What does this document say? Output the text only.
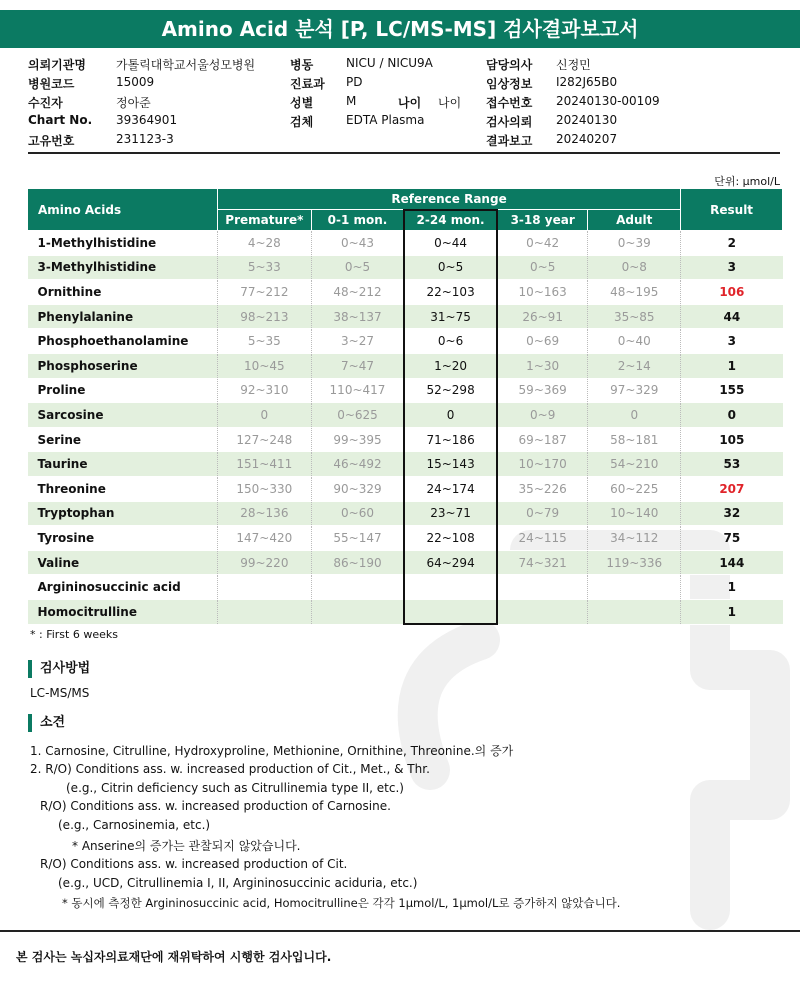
Amino Acid 분석 [P, LC/MS-MS] 검사결과보고서
의뢰기관명	가톨릭대학교서울성모병원	병동	NICU / NICU9A	담당의사 신정민
병원코드	15009	진료과 PD	임상정보 I282J65B0
수진자	정아준	성별	M	나이 나이 접수번호 20240130-00109
Chart No. 39364901	검체	EDTA Plasma	검사의뢰 20240130
고유번호	231123-3	결과보고 20240207
단위: μmol/L
Amino Acids	Reference Range					Result
	Premature*	0-1 mon.	2-24 mon.	3-18 year	Adult	
1-Methylhistidine	4~28	0~43	0~44	0~42	0~39	2
3-Methylhistidine	5~33	0~5	0~5	0~5	0~8	3
Ornithine	77~212	48~212	22~103	10~163	48~195	106
Phenylalanine	98~213	38~137	31~75	26~91	35~85	44
Phosphoethanolamine	5~35	3~27	0~6	0~69	0~40	3
Phosphoserine	10~45	7~47	1~20	1~30	2~14	1
Proline	92~310	110~417	52~298	59~369	97~329	155
Sarcosine	0	0~625	0	0~9	0	0
Serine	127~248	99~395	71~186	69~187	58~181	105
Taurine	151~411	46~492	15~143	10~170	54~210	53
Threonine	150~330	90~329	24~174	35~226	60~225	207
Tryptophan	28~136	0~60	23~71	0~79	10~140	32
Tyrosine	147~420	55~147	22~108	24~115	34~112	75
Valine	99~220	86~190	64~294	74~321	119~336	144
Argininosuccinic acid						1
Homocitrulline						1
* : First 6 weeks
검사방법
LC-MS/MS
소견
1. Carnosine, Citrulline, Hydroxyproline, Methionine, Ornithine, Threonine.의 증가
2. R/O) Conditions ass. w. increased production of Cit., Met., & Thr.
(e.g., Citrin deficiency such as Citrullinemia type II, etc.)
R/O) Conditions ass. w. increased production of Carnosine.
(e.g., Carnosinemia, etc.)
* Anserine의 증가는 관찰되지 않았습니다.
R/O) Conditions ass. w. increased production of Cit.
(e.g., UCD, Citrullinemia I, II, Argininosuccinic aciduria, etc.)
* 동시에 측정한 Argininosuccinic acid, Homocitrulline은 각각 1μmol/L, 1μmol/L로 증가하지 않았습니다.
본 검사는 녹십자의료재단에 재위탁하여 시행한 검사입니다.
